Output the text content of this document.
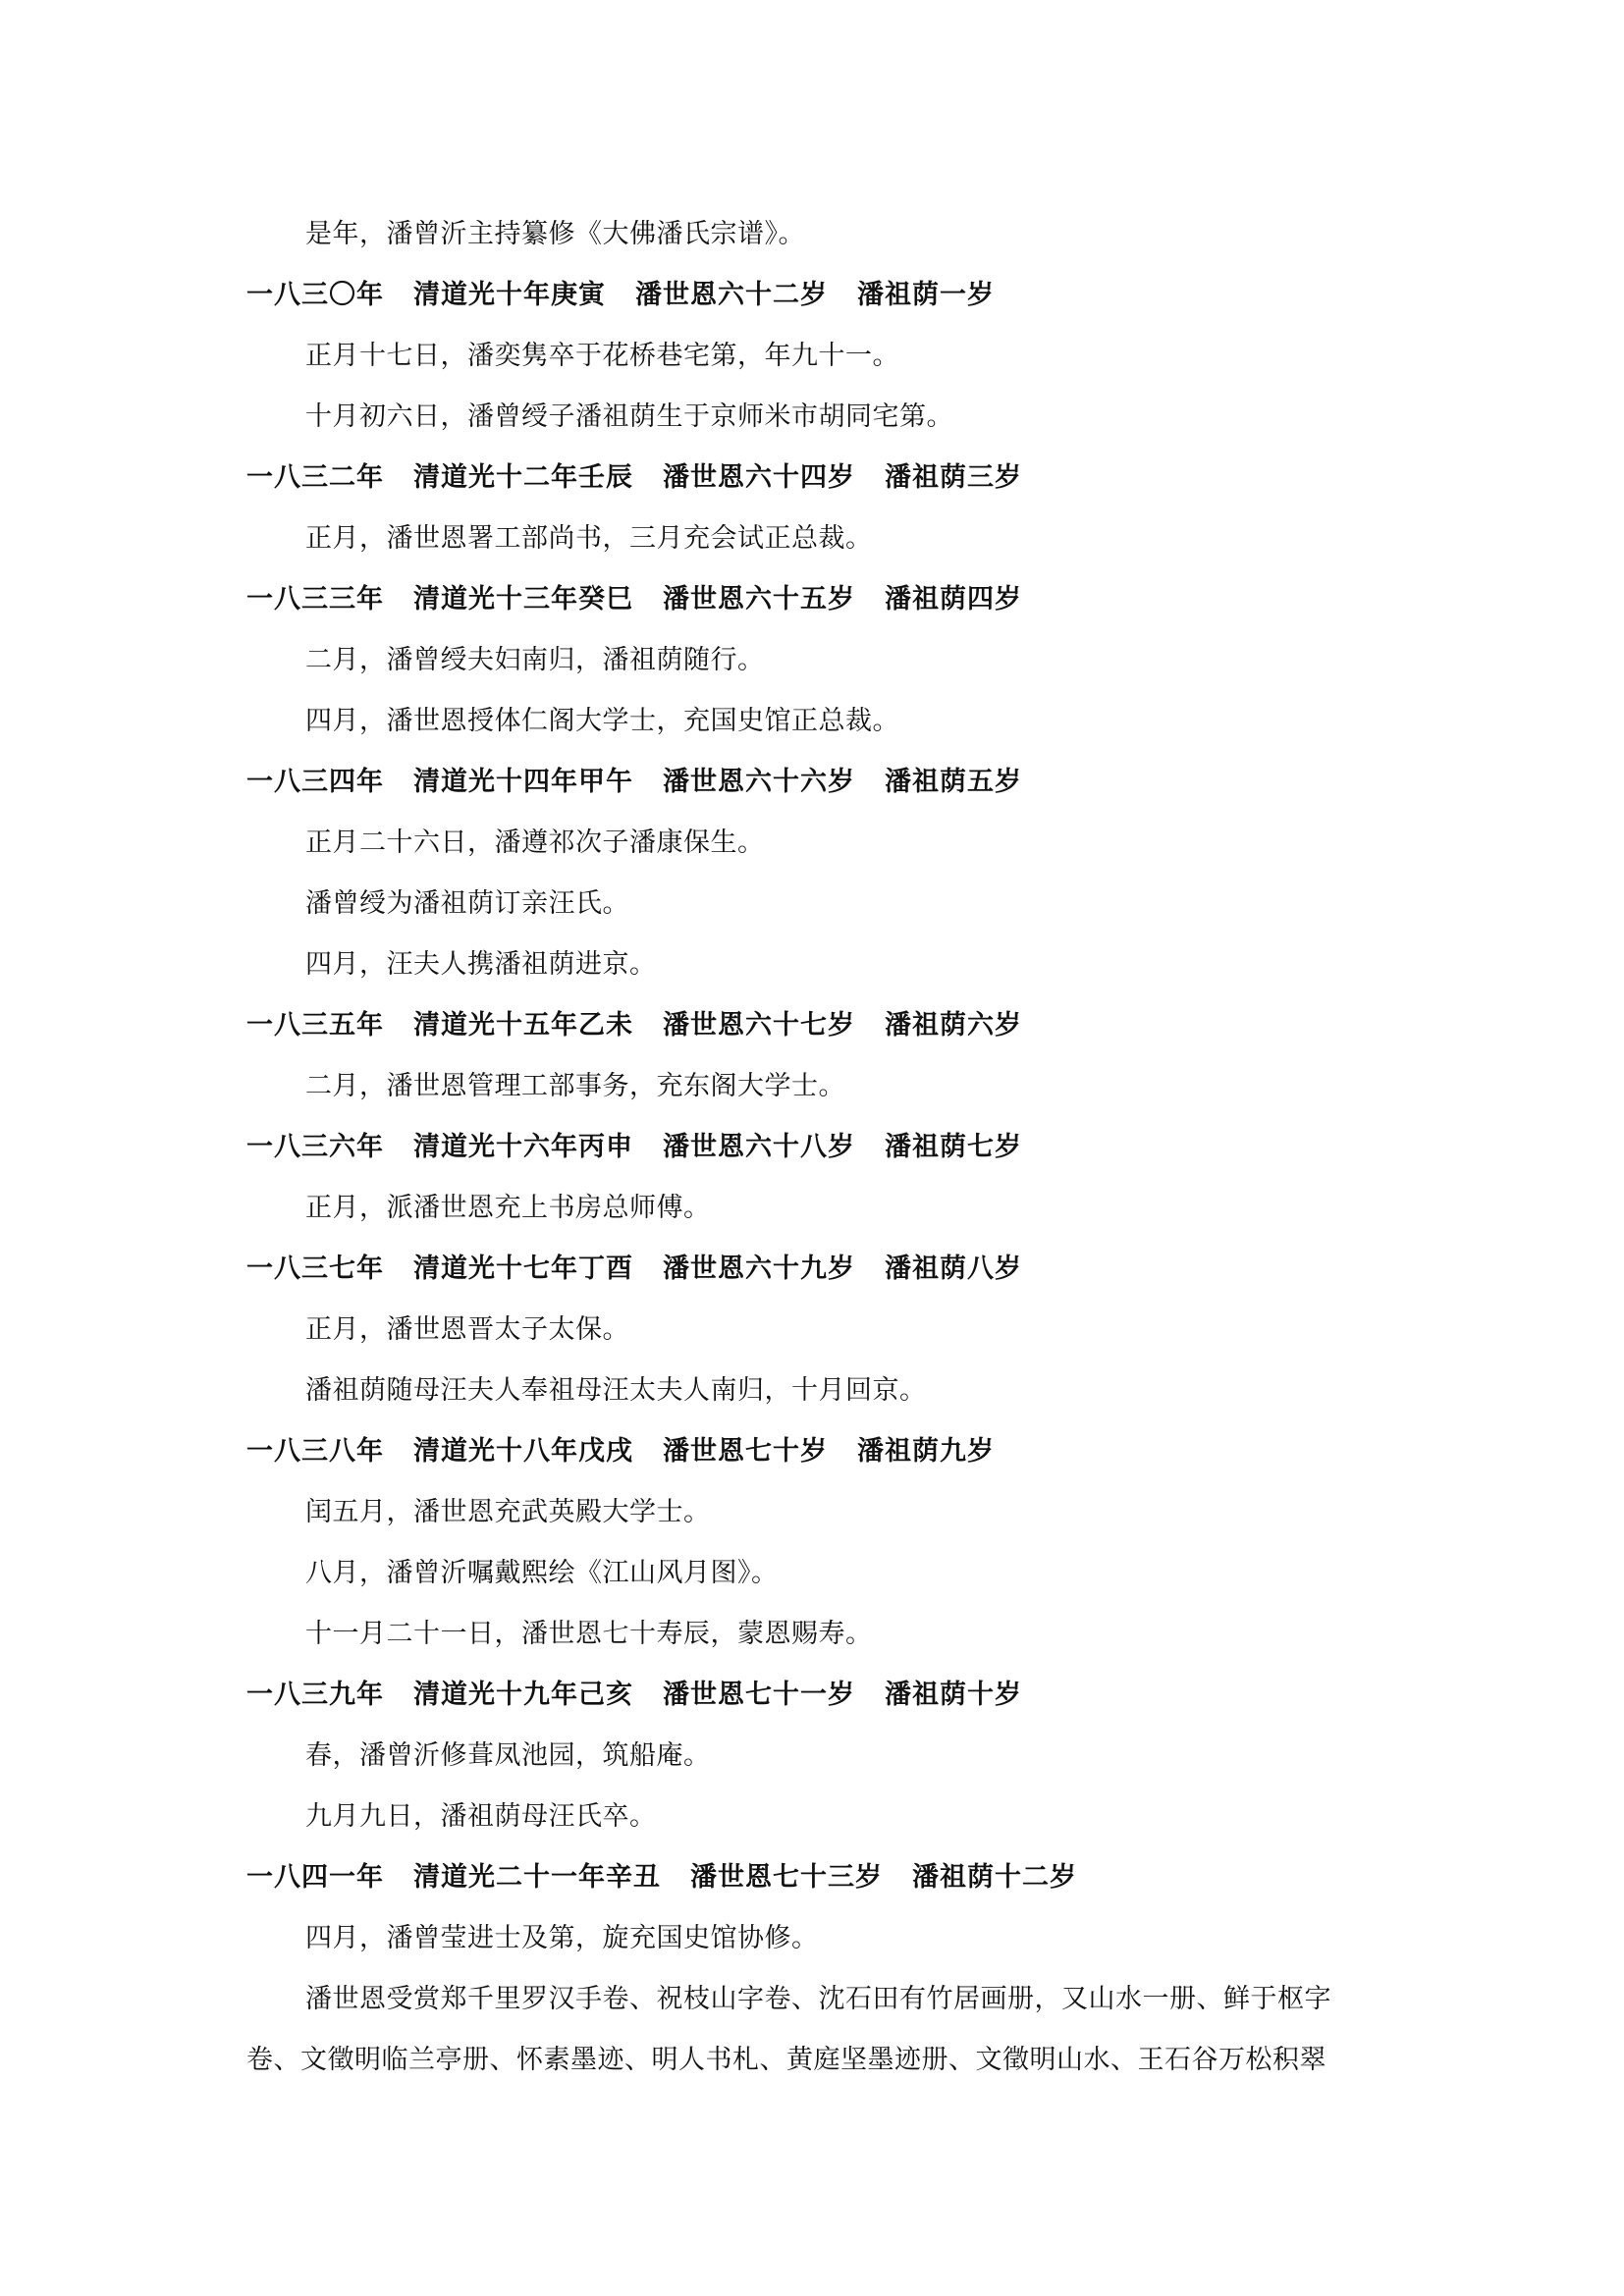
是年，潘曾沂主持纂修《大佛潘氏宗谱》。
一八三〇年 清道光十年庚寅 潘世恩六十二岁 潘祖荫一岁
正月十七日，潘奕隽卒于花桥巷宅第，年九十一。
十月初六日，潘曾绶子潘祖荫生于京师米市胡同宅第。
一八三二年 清道光十二年壬辰 潘世恩六十四岁 潘祖荫三岁
正月，潘世恩署工部尚书，三月充会试正总裁。
一八三三年 清道光十三年癸巳 潘世恩六十五岁 潘祖荫四岁
二月，潘曾绶夫妇南归，潘祖荫随行。
四月，潘世恩授体仁阁大学士，充国史馆正总裁。
一八三四年 清道光十四年甲午 潘世恩六十六岁 潘祖荫五岁
正月二十六日，潘遵祁次子潘康保生。
潘曾绶为潘祖荫订亲汪氏。
四月，汪夫人携潘祖荫进京。
一八三五年 清道光十五年乙未 潘世恩六十七岁 潘祖荫六岁
二月，潘世恩管理工部事务，充东阁大学士。
一八三六年 清道光十六年丙申 潘世恩六十八岁 潘祖荫七岁
正月，派潘世恩充上书房总师傅。
一八三七年 清道光十七年丁酉 潘世恩六十九岁 潘祖荫八岁
正月，潘世恩晋太子太保。
潘祖荫随母汪夫人奉祖母汪太夫人南归，十月回京。
一八三八年 清道光十八年戊戌 潘世恩七十岁 潘祖荫九岁
闰五月，潘世恩充武英殿大学士。
八月，潘曾沂嘱戴熙绘《江山风月图》。
十一月二十一日，潘世恩七十寿辰，蒙恩赐寿。
一八三九年 清道光十九年己亥 潘世恩七十一岁 潘祖荫十岁
春，潘曾沂修葺凤池园，筑船庵。
九月九日，潘祖荫母汪氏卒。
一八四一年 清道光二十一年辛丑 潘世恩七十三岁 潘祖荫十二岁
四月，潘曾莹进士及第，旋充国史馆协修。
潘世恩受赏郑千里罗汉手卷、祝枝山字卷、沈石田有竹居画册，又山水一册、鲜于枢字
卷、文徵明临兰亭册、怀素墨迹、明人书札、黄庭坚墨迹册、文徵明山水、王石谷万松积翠
